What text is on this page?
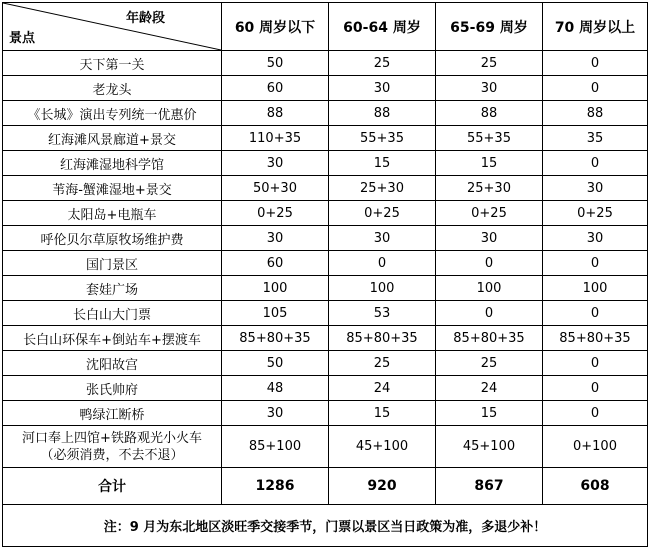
年龄段
景点	60 周岁以下	60-64 周岁	65-69 周岁	70 周岁以上
天下第一关	50	25	25	0
老龙头	60	30	30	0
《长城》演出专列统一优惠价	88	88	88	88
红海滩风景廊道+景交	110+35	55+35	55+35	35
红海滩湿地科学馆	30	15	15	0
苇海-蟹滩湿地+景交	50+30	25+30	25+30	30
太阳岛+电瓶车	0+25	0+25	0+25	0+25
呼伦贝尔草原牧场维护费	30	30	30	30
国门景区	60	0	0	0
套娃广场	100	100	100	100
长白山大门票	105	53	0	0
长白山环保车+倒站车+摆渡车	85+80+35	85+80+35	85+80+35	85+80+35
沈阳故宫	50	25	25	0
张氏帅府	48	24	24	0
鸭绿江断桥	30	15	15	0
河口奉上四馆+铁路观光小火车
（必须消费，不去不退）	85+100	45+100	45+100	0+100
合计	1286	920	867	608
注：9 月为东北地区淡旺季交接季节，门票以景区当日政策为准，多退少补！				
